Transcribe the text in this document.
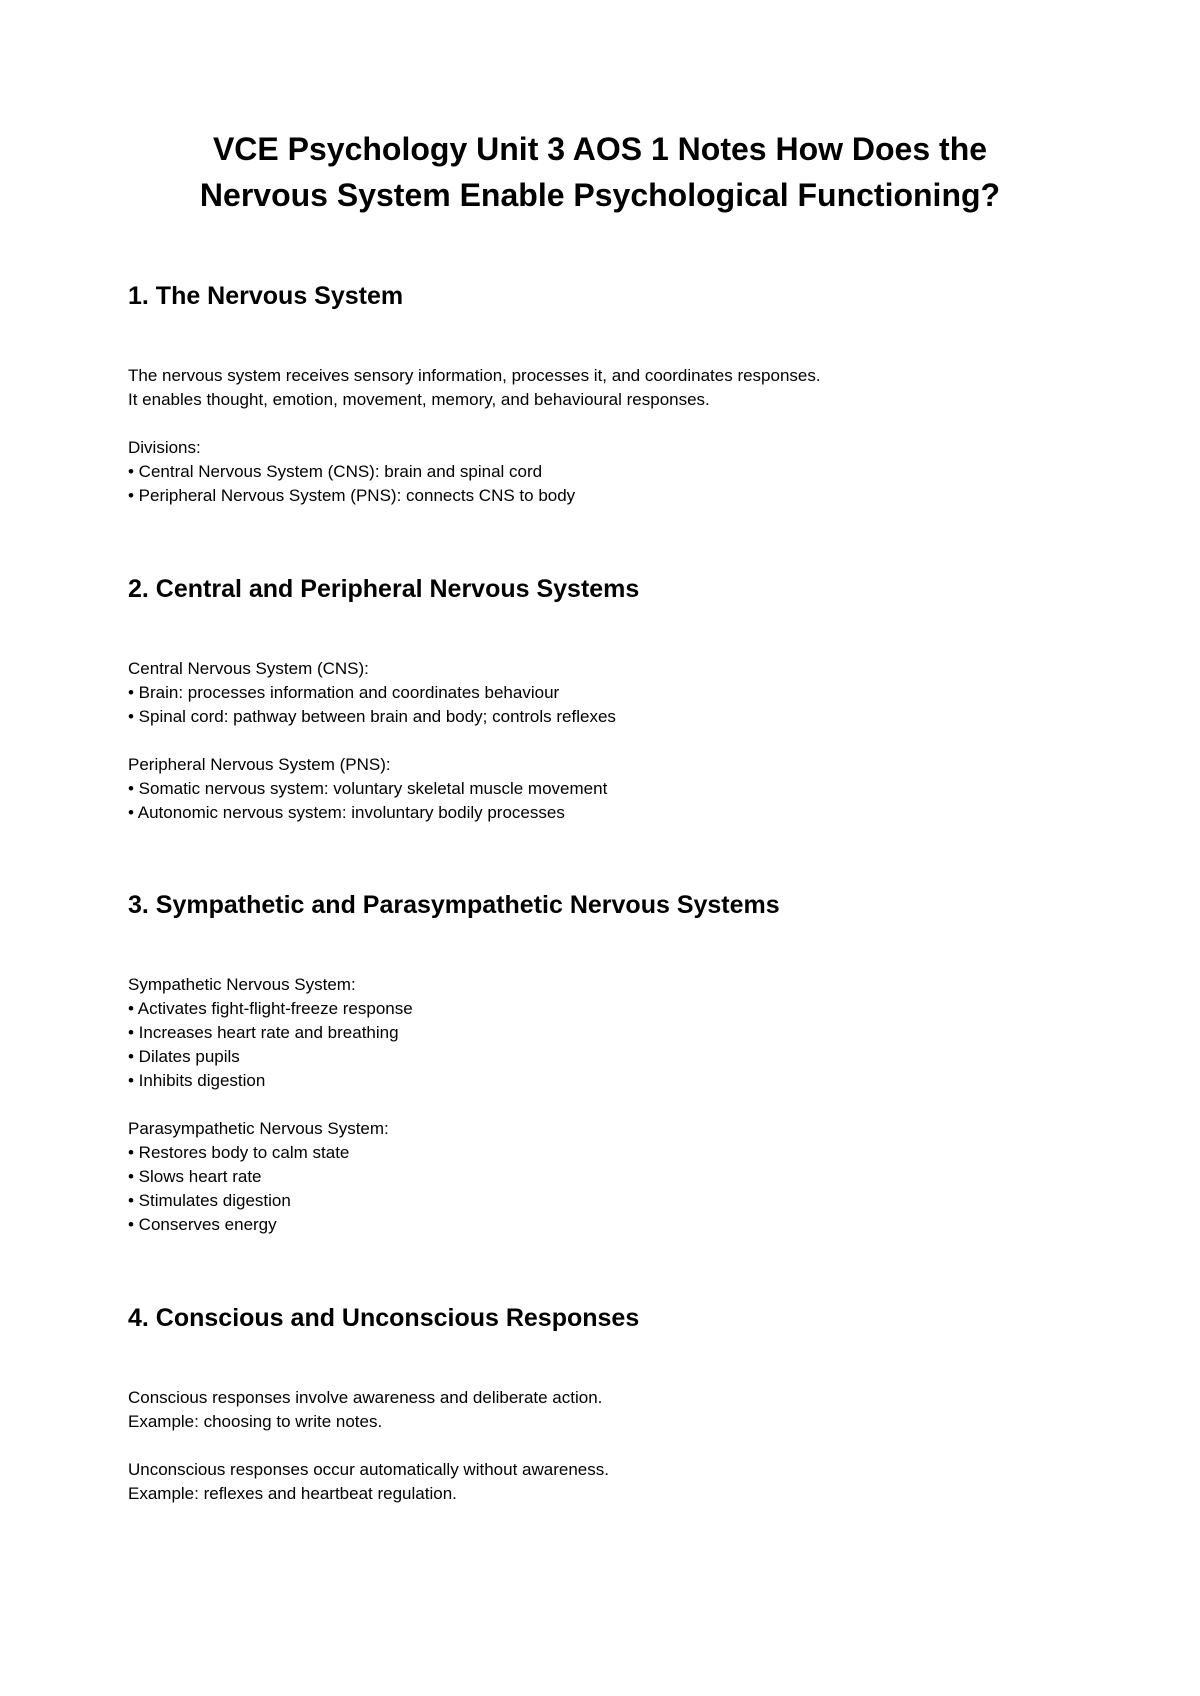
VCE Psychology Unit 3 AOS 1 Notes How Does the
Nervous System Enable Psychological Functioning?
1. The Nervous System

The nervous system receives sensory information, processes it, and coordinates responses.
It enables thought, emotion, movement, memory, and behavioural responses.

Divisions:
• Central Nervous System (CNS): brain and spinal cord
• Peripheral Nervous System (PNS): connects CNS to body

2. Central and Peripheral Nervous Systems

Central Nervous System (CNS):
• Brain: processes information and coordinates behaviour
• Spinal cord: pathway between brain and body; controls reflexes

Peripheral Nervous System (PNS):
• Somatic nervous system: voluntary skeletal muscle movement
• Autonomic nervous system: involuntary bodily processes

3. Sympathetic and Parasympathetic Nervous Systems

Sympathetic Nervous System:
• Activates fight-flight-freeze response
• Increases heart rate and breathing
• Dilates pupils
• Inhibits digestion

Parasympathetic Nervous System:
• Restores body to calm state
• Slows heart rate
• Stimulates digestion
• Conserves energy

4. Conscious and Unconscious Responses

Conscious responses involve awareness and deliberate action.
Example: choosing to write notes.

Unconscious responses occur automatically without awareness.
Example: reflexes and heartbeat regulation.
